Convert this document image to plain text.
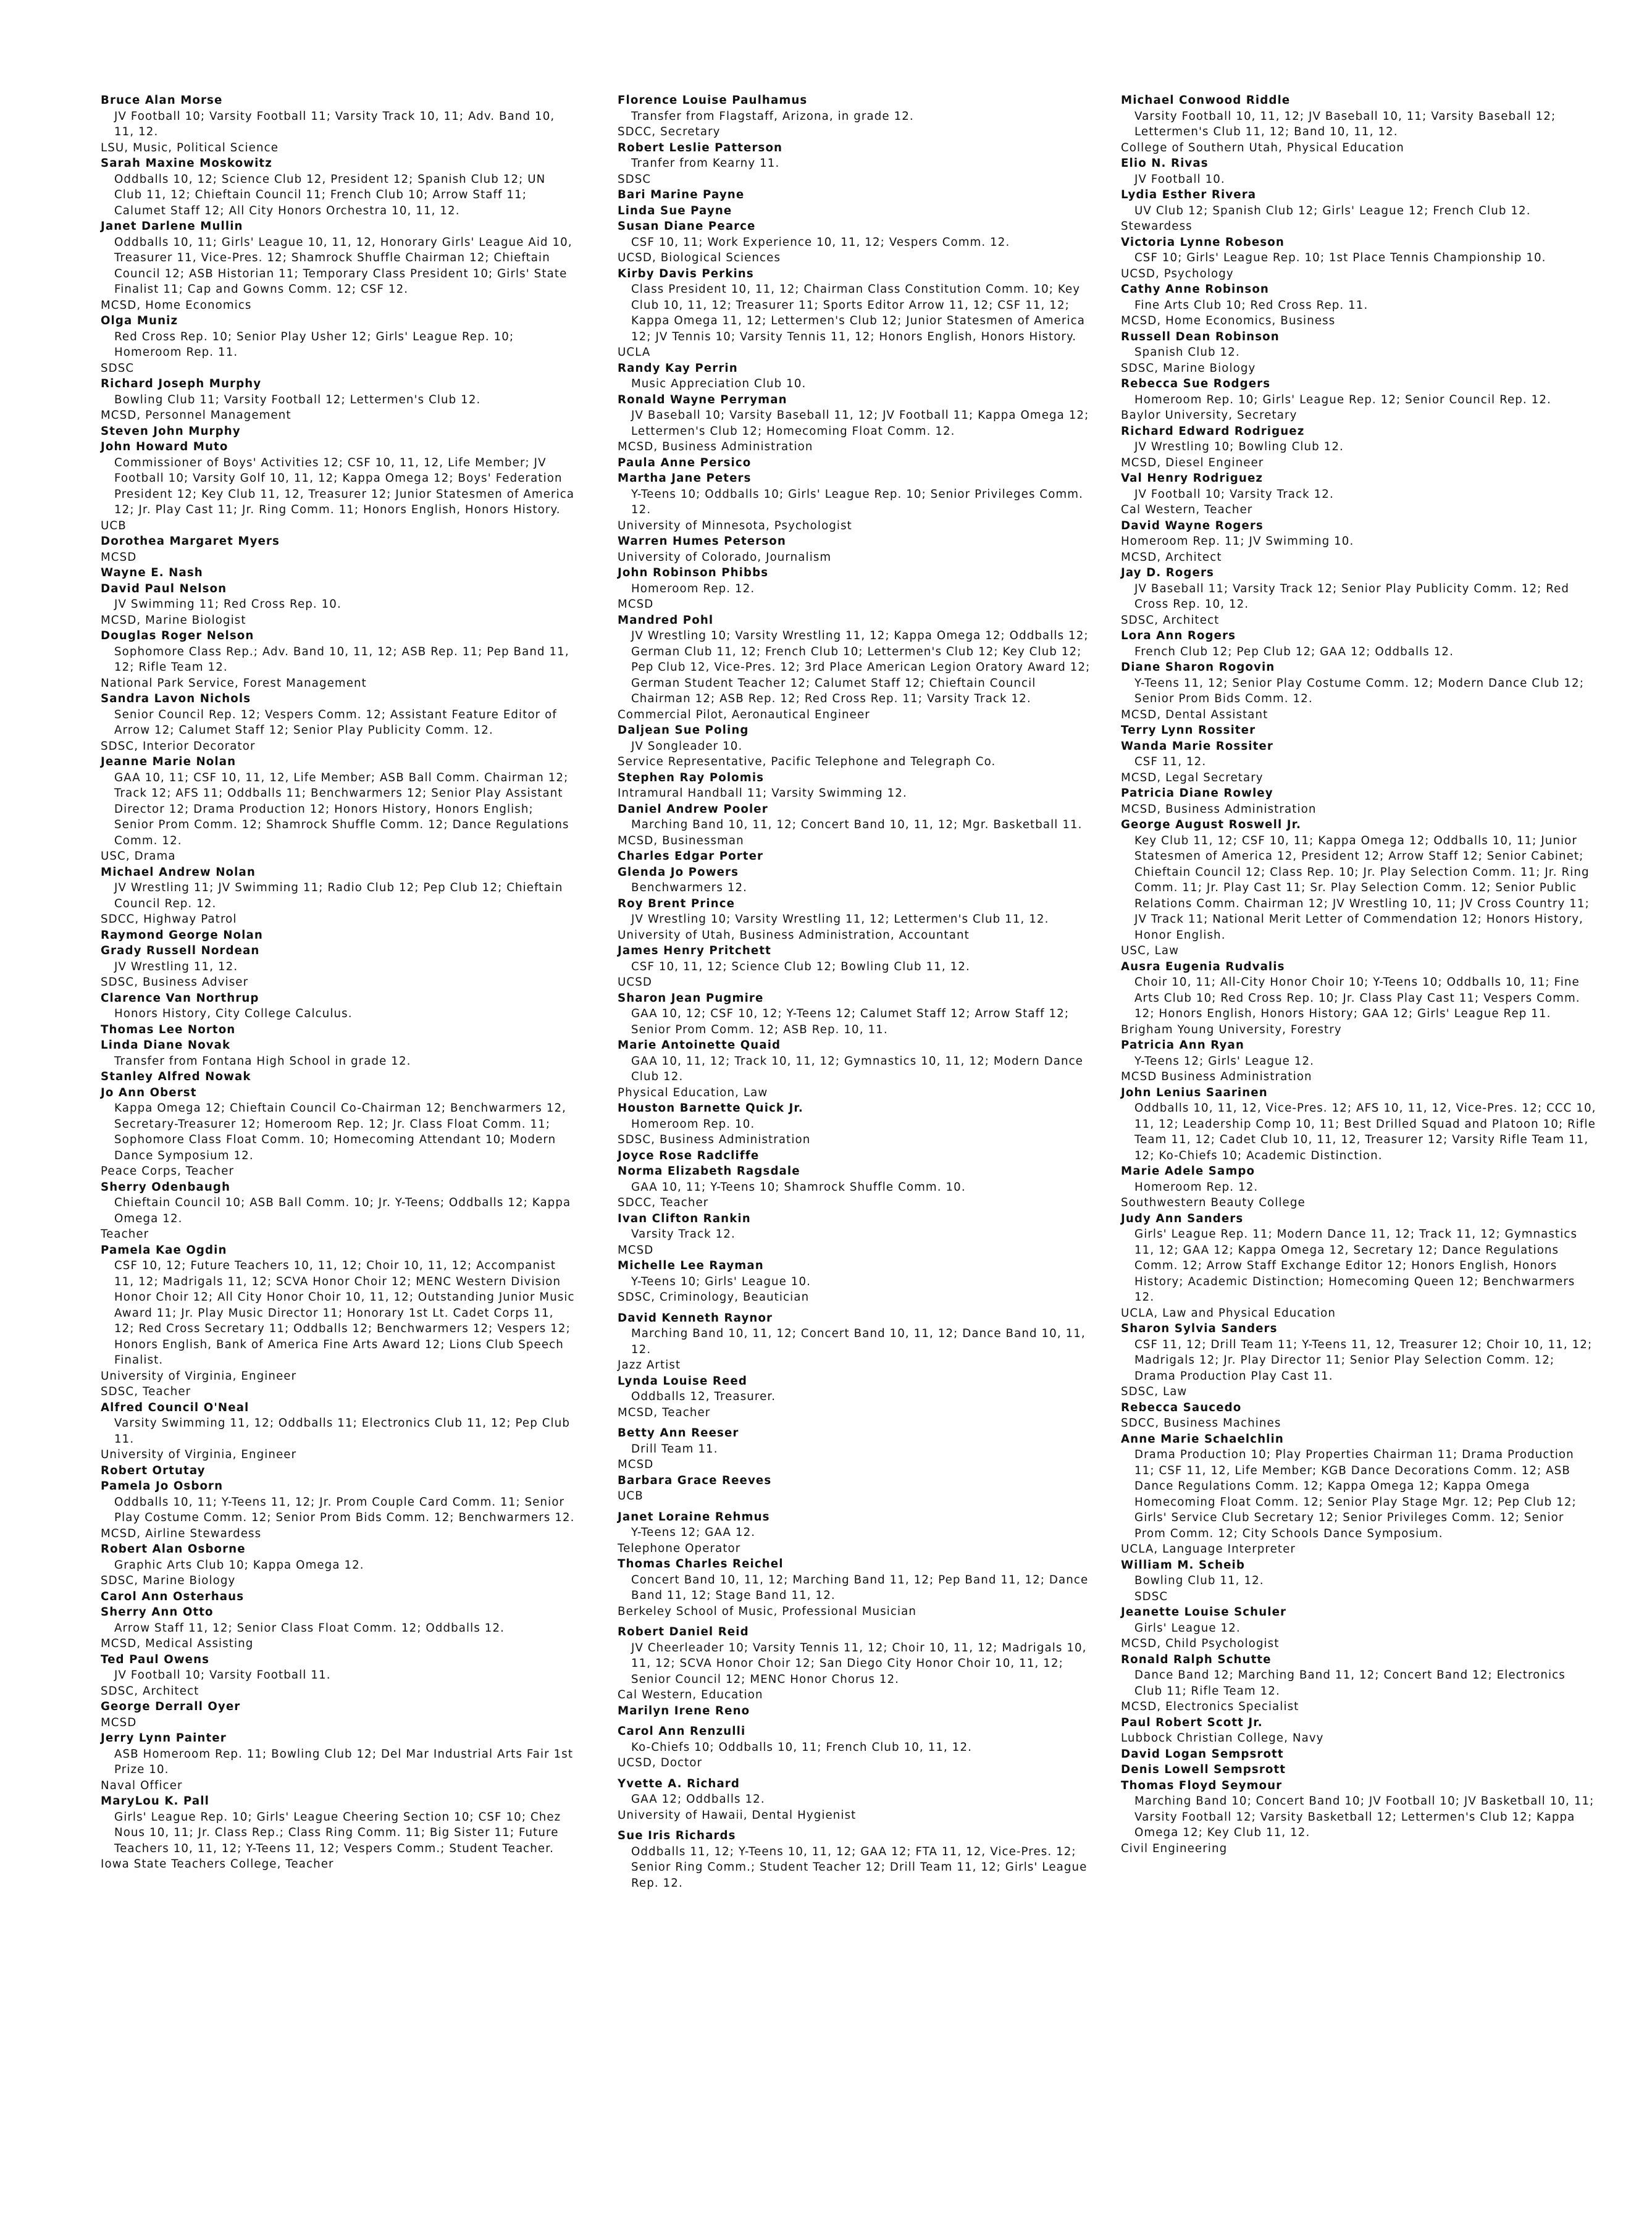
Bruce Alan Morse
JV Football 10; Varsity Football 11; Varsity Track 10, 11; Adv. Band 10, 11, 12.
LSU, Music, Political Science
Sarah Maxine Moskowitz
Oddballs 10, 12; Science Club 12, President 12; Spanish Club 12; UN Club 11, 12; Chieftain Council 11; French Club 10; Arrow Staff 11; Calumet Staff 12; All City Honors Orchestra 10, 11, 12.
Janet Darlene Mullin
Oddballs 10, 11; Girls' League 10, 11, 12, Honorary Girls' League Aid 10, Treasurer 11, Vice-Pres. 12; Shamrock Shuffle Chairman 12; Chieftain Council 12; ASB Historian 11; Temporary Class President 10; Girls' State Finalist 11; Cap and Gowns Comm. 12; CSF 12.
MCSD, Home Economics
Olga Muniz
Red Cross Rep. 10; Senior Play Usher 12; Girls' League Rep. 10; Homeroom Rep. 11.
SDSC
Richard Joseph Murphy
Bowling Club 11; Varsity Football 12; Lettermen's Club 12.
MCSD, Personnel Management
Steven John Murphy
John Howard Muto
Commissioner of Boys' Activities 12; CSF 10, 11, 12, Life Member; JV Football 10; Varsity Golf 10, 11, 12; Kappa Omega 12; Boys' Federation President 12; Key Club 11, 12, Treasurer 12; Junior Statesmen of America 12; Jr. Play Cast 11; Jr. Ring Comm. 11; Honors English, Honors History.
UCB
Dorothea Margaret Myers
MCSD
Wayne E. Nash
David Paul Nelson
JV Swimming 11; Red Cross Rep. 10.
MCSD, Marine Biologist
Douglas Roger Nelson
Sophomore Class Rep.; Adv. Band 10, 11, 12; ASB Rep. 11; Pep Band 11, 12; Rifle Team 12.
National Park Service, Forest Management
Sandra Lavon Nichols
Senior Council Rep. 12; Vespers Comm. 12; Assistant Feature Editor of Arrow 12; Calumet Staff 12; Senior Play Publicity Comm. 12.
SDSC, Interior Decorator
Jeanne Marie Nolan
GAA 10, 11; CSF 10, 11, 12, Life Member; ASB Ball Comm. Chairman 12; Track 12; AFS 11; Oddballs 11; Benchwarmers 12; Senior Play Assistant Director 12; Drama Production 12; Honors History, Honors English; Senior Prom Comm. 12; Shamrock Shuffle Comm. 12; Dance Regulations Comm. 12.
USC, Drama
Michael Andrew Nolan
JV Wrestling 11; JV Swimming 11; Radio Club 12; Pep Club 12; Chieftain Council Rep. 12.
SDCC, Highway Patrol
Raymond George Nolan
Grady Russell Nordean
JV Wrestling 11, 12.
SDSC, Business Adviser
Clarence Van Northrup
Honors History, City College Calculus.
Thomas Lee Norton
Linda Diane Novak
Transfer from Fontana High School in grade 12.
Stanley Alfred Nowak
Jo Ann Oberst
Kappa Omega 12; Chieftain Council Co-Chairman 12; Benchwarmers 12, Secretary-Treasurer 12; Homeroom Rep. 12; Jr. Class Float Comm. 11; Sophomore Class Float Comm. 10; Homecoming Attendant 10; Modern Dance Symposium 12.
Peace Corps, Teacher
Sherry Odenbaugh
Chieftain Council 10; ASB Ball Comm. 10; Jr. Y-Teens; Oddballs 12; Kappa Omega 12.
Teacher
Pamela Kae Ogdin
CSF 10, 12; Future Teachers 10, 11, 12; Choir 10, 11, 12; Accompanist 11, 12; Madrigals 11, 12; SCVA Honor Choir 12; MENC Western Division Honor Choir 12; All City Honor Choir 10, 11, 12; Outstanding Junior Music Award 11; Jr. Play Music Director 11; Honorary 1st Lt. Cadet Corps 11, 12; Red Cross Secretary 11; Oddballs 12; Benchwarmers 12; Vespers 12; Honors English, Bank of America Fine Arts Award 12; Lions Club Speech Finalist.
University of Virginia, Engineer
SDSC, Teacher
Alfred Council O'Neal
Varsity Swimming 11, 12; Oddballs 11; Electronics Club 11, 12; Pep Club 11.
University of Virginia, Engineer
Robert Ortutay
Pamela Jo Osborn
Oddballs 10, 11; Y-Teens 11, 12; Jr. Prom Couple Card Comm. 11; Senior Play Costume Comm. 12; Senior Prom Bids Comm. 12; Benchwarmers 12.
MCSD, Airline Stewardess
Robert Alan Osborne
Graphic Arts Club 10; Kappa Omega 12.
SDSC, Marine Biology
Carol Ann Osterhaus
Sherry Ann Otto
Arrow Staff 11, 12; Senior Class Float Comm. 12; Oddballs 12.
MCSD, Medical Assisting
Ted Paul Owens
JV Football 10; Varsity Football 11.
SDSC, Architect
George Derrall Oyer
MCSD
Jerry Lynn Painter
ASB Homeroom Rep. 11; Bowling Club 12; Del Mar Industrial Arts Fair 1st Prize 10.
Naval Officer
MaryLou K. Pall
Girls' League Rep. 10; Girls' League Cheering Section 10; CSF 10; Chez Nous 10, 11; Jr. Class Rep.; Class Ring Comm. 11; Big Sister 11; Future Teachers 10, 11, 12; Y-Teens 11, 12; Vespers Comm.; Student Teacher.
Iowa State Teachers College, Teacher
Florence Louise Paulhamus
Transfer from Flagstaff, Arizona, in grade 12.
SDCC, Secretary
Robert Leslie Patterson
Tranfer from Kearny 11.
SDSC
Bari Marine Payne
Linda Sue Payne
Susan Diane Pearce
CSF 10, 11; Work Experience 10, 11, 12; Vespers Comm. 12.
UCSD, Biological Sciences
Kirby Davis Perkins
Class President 10, 11, 12; Chairman Class Constitution Comm. 10; Key Club 10, 11, 12; Treasurer 11; Sports Editor Arrow 11, 12; CSF 11, 12; Kappa Omega 11, 12; Lettermen's Club 12; Junior Statesmen of America 12; JV Tennis 10; Varsity Tennis 11, 12; Honors English, Honors History.
UCLA
Randy Kay Perrin
Music Appreciation Club 10.
Ronald Wayne Perryman
JV Baseball 10; Varsity Baseball 11, 12; JV Football 11; Kappa Omega 12; Lettermen's Club 12; Homecoming Float Comm. 12.
MCSD, Business Administration
Paula Anne Persico
Martha Jane Peters
Y-Teens 10; Oddballs 10; Girls' League Rep. 10; Senior Privileges Comm. 12.
University of Minnesota, Psychologist
Warren Humes Peterson
University of Colorado, Journalism
John Robinson Phibbs
Homeroom Rep. 12.
MCSD
Mandred Pohl
JV Wrestling 10; Varsity Wrestling 11, 12; Kappa Omega 12; Oddballs 12; German Club 11, 12; French Club 10; Lettermen's Club 12; Key Club 12; Pep Club 12, Vice-Pres. 12; 3rd Place American Legion Oratory Award 12; German Student Teacher 12; Calumet Staff 12; Chieftain Council Chairman 12; ASB Rep. 12; Red Cross Rep. 11; Varsity Track 12.
Commercial Pilot, Aeronautical Engineer
Daljean Sue Poling
JV Songleader 10.
Service Representative, Pacific Telephone and Telegraph Co.
Stephen Ray Polomis
Intramural Handball 11; Varsity Swimming 12.
Daniel Andrew Pooler
Marching Band 10, 11, 12; Concert Band 10, 11, 12; Mgr. Basketball 11.
MCSD, Businessman
Charles Edgar Porter
Glenda Jo Powers
Benchwarmers 12.
Roy Brent Prince
JV Wrestling 10; Varsity Wrestling 11, 12; Lettermen's Club 11, 12.
University of Utah, Business Administration, Accountant
James Henry Pritchett
CSF 10, 11, 12; Science Club 12; Bowling Club 11, 12.
UCSD
Sharon Jean Pugmire
GAA 10, 12; CSF 10, 12; Y-Teens 12; Calumet Staff 12; Arrow Staff 12; Senior Prom Comm. 12; ASB Rep. 10, 11.
Marie Antoinette Quaid
GAA 10, 11, 12; Track 10, 11, 12; Gymnastics 10, 11, 12; Modern Dance Club 12.
Physical Education, Law
Houston Barnette Quick Jr.
Homeroom Rep. 10.
SDSC, Business Administration
Joyce Rose Radcliffe
Norma Elizabeth Ragsdale
GAA 10, 11; Y-Teens 10; Shamrock Shuffle Comm. 10.
SDCC, Teacher
Ivan Clifton Rankin
Varsity Track 12.
MCSD
Michelle Lee Rayman
Y-Teens 10; Girls' League 10.
SDSC, Criminology, Beautician
David Kenneth Raynor
Marching Band 10, 11, 12; Concert Band 10, 11, 12; Dance Band 10, 11, 12.
Jazz Artist
Lynda Louise Reed
Oddballs 12, Treasurer.
MCSD, Teacher
Betty Ann Reeser
Drill Team 11.
MCSD
Barbara Grace Reeves
UCB
Janet Loraine Rehmus
Y-Teens 12; GAA 12.
Telephone Operator
Thomas Charles Reichel
Concert Band 10, 11, 12; Marching Band 11, 12; Pep Band 11, 12; Dance Band 11, 12; Stage Band 11, 12.
Berkeley School of Music, Professional Musician
Robert Daniel Reid
JV Cheerleader 10; Varsity Tennis 11, 12; Choir 10, 11, 12; Madrigals 10, 11, 12; SCVA Honor Choir 12; San Diego City Honor Choir 10, 11, 12; Senior Council 12; MENC Honor Chorus 12.
Cal Western, Education
Marilyn Irene Reno
Carol Ann Renzulli
Ko-Chiefs 10; Oddballs 10, 11; French Club 10, 11, 12.
UCSD, Doctor
Yvette A. Richard
GAA 12; Oddballs 12.
University of Hawaii, Dental Hygienist
Sue Iris Richards
Oddballs 11, 12; Y-Teens 10, 11, 12; GAA 12; FTA 11, 12, Vice-Pres. 12; Senior Ring Comm.; Student Teacher 12; Drill Team 11, 12; Girls' League Rep. 12.
Michael Conwood Riddle
Varsity Football 10, 11, 12; JV Baseball 10, 11; Varsity Baseball 12; Lettermen's Club 11, 12; Band 10, 11, 12.
College of Southern Utah, Physical Education
Elio N. Rivas
JV Football 10.
Lydia Esther Rivera
UV Club 12; Spanish Club 12; Girls' League 12; French Club 12.
Stewardess
Victoria Lynne Robeson
CSF 10; Girls' League Rep. 10; 1st Place Tennis Championship 10.
UCSD, Psychology
Cathy Anne Robinson
Fine Arts Club 10; Red Cross Rep. 11.
MCSD, Home Economics, Business
Russell Dean Robinson
Spanish Club 12.
SDSC, Marine Biology
Rebecca Sue Rodgers
Homeroom Rep. 10; Girls' League Rep. 12; Senior Council Rep. 12.
Baylor University, Secretary
Richard Edward Rodriguez
JV Wrestling 10; Bowling Club 12.
MCSD, Diesel Engineer
Val Henry Rodriguez
JV Football 10; Varsity Track 12.
Cal Western, Teacher
David Wayne Rogers
Homeroom Rep. 11; JV Swimming 10.
MCSD, Architect
Jay D. Rogers
JV Baseball 11; Varsity Track 12; Senior Play Publicity Comm. 12; Red Cross Rep. 10, 12.
SDSC, Architect
Lora Ann Rogers
French Club 12; Pep Club 12; GAA 12; Oddballs 12.
Diane Sharon Rogovin
Y-Teens 11, 12; Senior Play Costume Comm. 12; Modern Dance Club 12; Senior Prom Bids Comm. 12.
MCSD, Dental Assistant
Terry Lynn Rossiter
Wanda Marie Rossiter
CSF 11, 12.
MCSD, Legal Secretary
Patricia Diane Rowley
MCSD, Business Administration
George August Roswell Jr.
Key Club 11, 12; CSF 10, 11; Kappa Omega 12; Oddballs 10, 11; Junior Statesmen of America 12, President 12; Arrow Staff 12; Senior Cabinet; Chieftain Council 12; Class Rep. 10; Jr. Play Selection Comm. 11; Jr. Ring Comm. 11; Jr. Play Cast 11; Sr. Play Selection Comm. 12; Senior Public Relations Comm. Chairman 12; JV Wrestling 10, 11; JV Cross Country 11; JV Track 11; National Merit Letter of Commendation 12; Honors History, Honor English.
USC, Law
Ausra Eugenia Rudvalis
Choir 10, 11; All-City Honor Choir 10; Y-Teens 10; Oddballs 10, 11; Fine Arts Club 10; Red Cross Rep. 10; Jr. Class Play Cast 11; Vespers Comm. 12; Honors English, Honors History; GAA 12; Girls' League Rep 11.
Brigham Young University, Forestry
Patricia Ann Ryan
Y-Teens 12; Girls' League 12.
MCSD Business Administration
John Lenius Saarinen
Oddballs 10, 11, 12, Vice-Pres. 12; AFS 10, 11, 12, Vice-Pres. 12; CCC 10, 11, 12; Leadership Comp 10, 11; Best Drilled Squad and Platoon 10; Rifle Team 11, 12; Cadet Club 10, 11, 12, Treasurer 12; Varsity Rifle Team 11, 12; Ko-Chiefs 10; Academic Distinction.
Marie Adele Sampo
Homeroom Rep. 12.
Southwestern Beauty College
Judy Ann Sanders
Girls' League Rep. 11; Modern Dance 11, 12; Track 11, 12; Gymnastics 11, 12; GAA 12; Kappa Omega 12, Secretary 12; Dance Regulations Comm. 12; Arrow Staff Exchange Editor 12; Honors English, Honors History; Academic Distinction; Homecoming Queen 12; Benchwarmers 12.
UCLA, Law and Physical Education
Sharon Sylvia Sanders
CSF 11, 12; Drill Team 11; Y-Teens 11, 12, Treasurer 12; Choir 10, 11, 12; Madrigals 12; Jr. Play Director 11; Senior Play Selection Comm. 12; Drama Production Play Cast 11.
SDSC, Law
Rebecca Saucedo
SDCC, Business Machines
Anne Marie Schaelchlin
Drama Production 10; Play Properties Chairman 11; Drama Production 11; CSF 11, 12, Life Member; KGB Dance Decorations Comm. 12; ASB Dance Regulations Comm. 12; Kappa Omega 12; Kappa Omega Homecoming Float Comm. 12; Senior Play Stage Mgr. 12; Pep Club 12; Girls' Service Club Secretary 12; Senior Privileges Comm. 12; Senior Prom Comm. 12; City Schools Dance Symposium.
UCLA, Language Interpreter
William M. Scheib
Bowling Club 11, 12.
SDSC
Jeanette Louise Schuler
Girls' League 12.
MCSD, Child Psychologist
Ronald Ralph Schutte
Dance Band 12; Marching Band 11, 12; Concert Band 12; Electronics Club 11; Rifle Team 12.
MCSD, Electronics Specialist
Paul Robert Scott Jr.
Lubbock Christian College, Navy
David Logan Sempsrott
Denis Lowell Sempsrott
Thomas Floyd Seymour
Marching Band 10; Concert Band 10; JV Football 10; JV Basketball 10, 11; Varsity Football 12; Varsity Basketball 12; Lettermen's Club 12; Kappa Omega 12; Key Club 11, 12.
Civil Engineering
